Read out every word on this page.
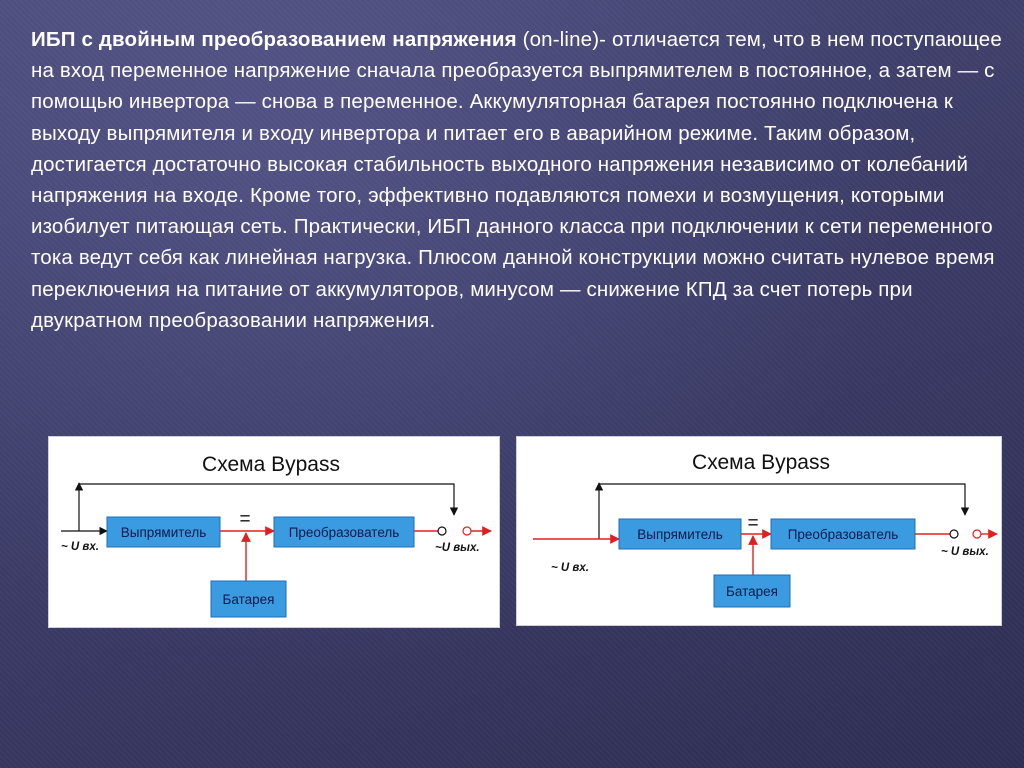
ИБП с двойным преобразованием напряжения (on-line)- отличается тем, что в нем поступающее на вход переменное напряжение сначала преобразуется выпрямителем в постоянное, а затем — с помощью инвертора — снова в переменное. Аккумуляторная батарея постоянно подключена к выходу выпрямителя и входу инвертора и питает его в аварийном режиме. Таким образом, достигается достаточно высокая стабильность выходного напряжения независимо от колебаний напряжения на входе. Кроме того, эффективно подавляются помехи и возмущения, которыми изобилует питающая сеть. Практически, ИБП данного класса при подключении к сети переменного тока ведут себя как линейная нагрузка. Плюсом данной конструкции можно считать нулевое время переключения на питание от аккумуляторов, минусом — снижение КПД за счет потерь при двукратном преобразовании напряжения.
Схема Bypass
Выпрямитель
=
Преобразователь
Батарея
~ U вх.	~U вых.
Схема Bypass
Выпрямитель
=
Преобразователь
Батарея
~ U вх.
~ U вых.
